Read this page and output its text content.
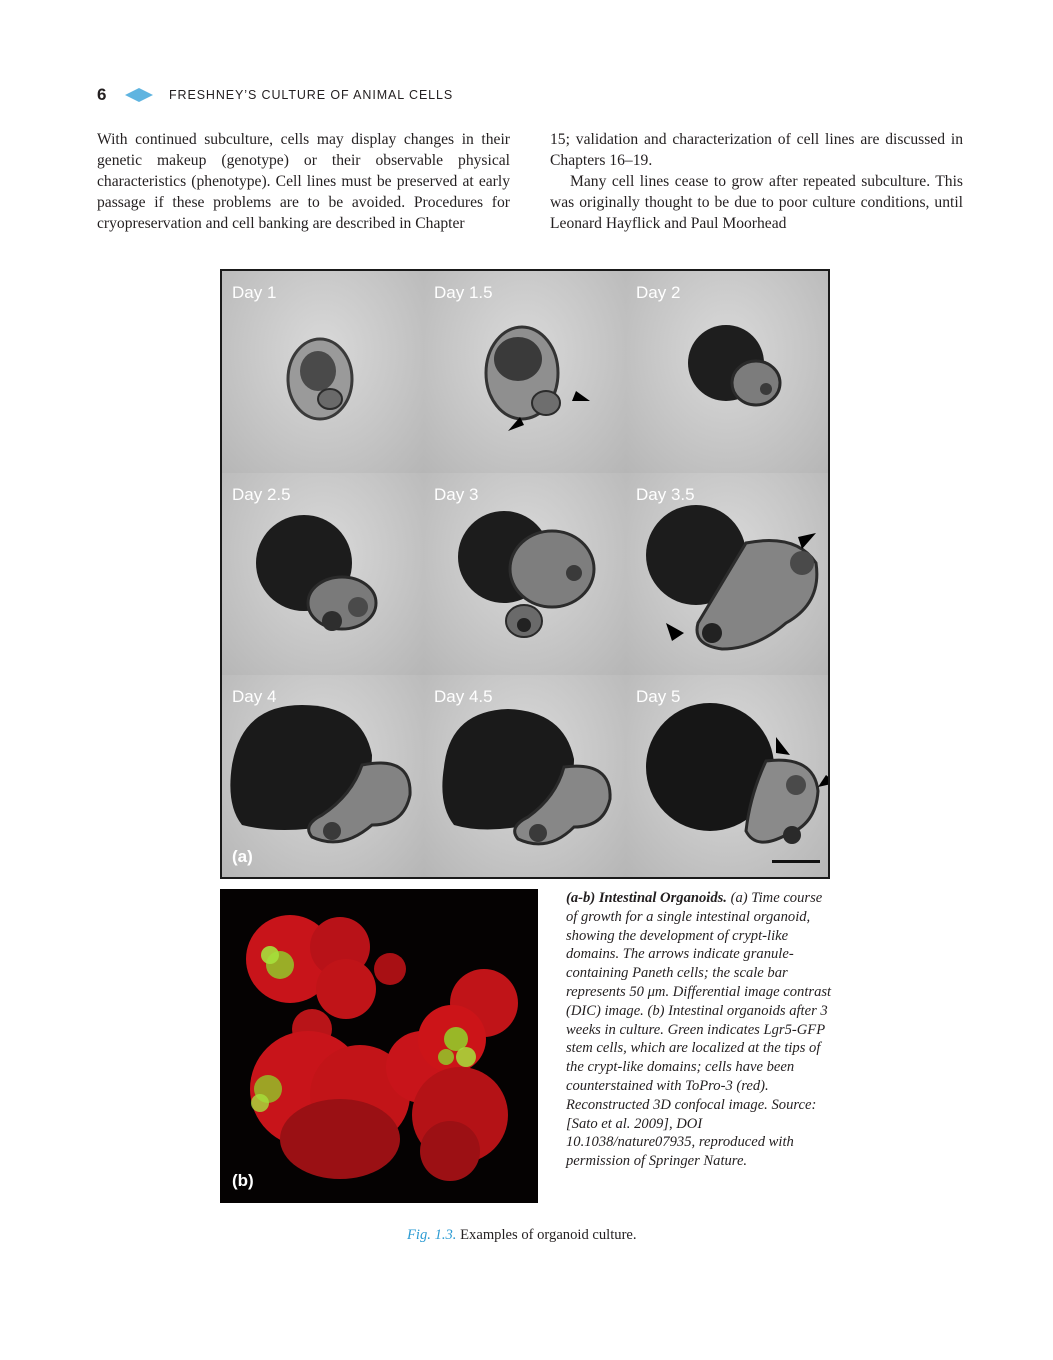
6	FRESHNEY’S CULTURE OF ANIMAL CELLS

With continued subculture, cells may display changes in their genetic makeup (genotype) or their observable physical characteristics (phenotype). Cell lines must be preserved at early passage if these problems are to be avoided. Procedures for cryopreservation and cell banking are described in Chapter

15; validation and characterization of cell lines are discussed in Chapters 16–19.

Many cell lines cease to grow after repeated subculture. This was originally thought to be due to poor culture conditions, until Leonard Hayflick and Paul Moorhead

Day 1	Day 1.5	Day 2
Day 2.5	Day 3	Day 3.5
Day 4
(a)
Day 4.5	Day 5
(b)
(a-b) Intestinal Organoids. (a) Time course of growth for a single intestinal organoid, showing the development of crypt-like domains. The arrows indicate granule-containing Paneth cells; the scale bar represents 50 μm. Differential image contrast (DIC) image. (b) Intestinal organoids after 3 weeks in culture. Green indicates Lgr5-GFP stem cells, which are localized at the tips of the crypt-like domains; cells have been counterstained with ToPro-3 (red). Reconstructed 3D confocal image. Source: [Sato et al. 2009], DOI 10.1038/nature07935, reproduced with permission of Springer Nature.
Fig. 1.3. Examples of organoid culture.
